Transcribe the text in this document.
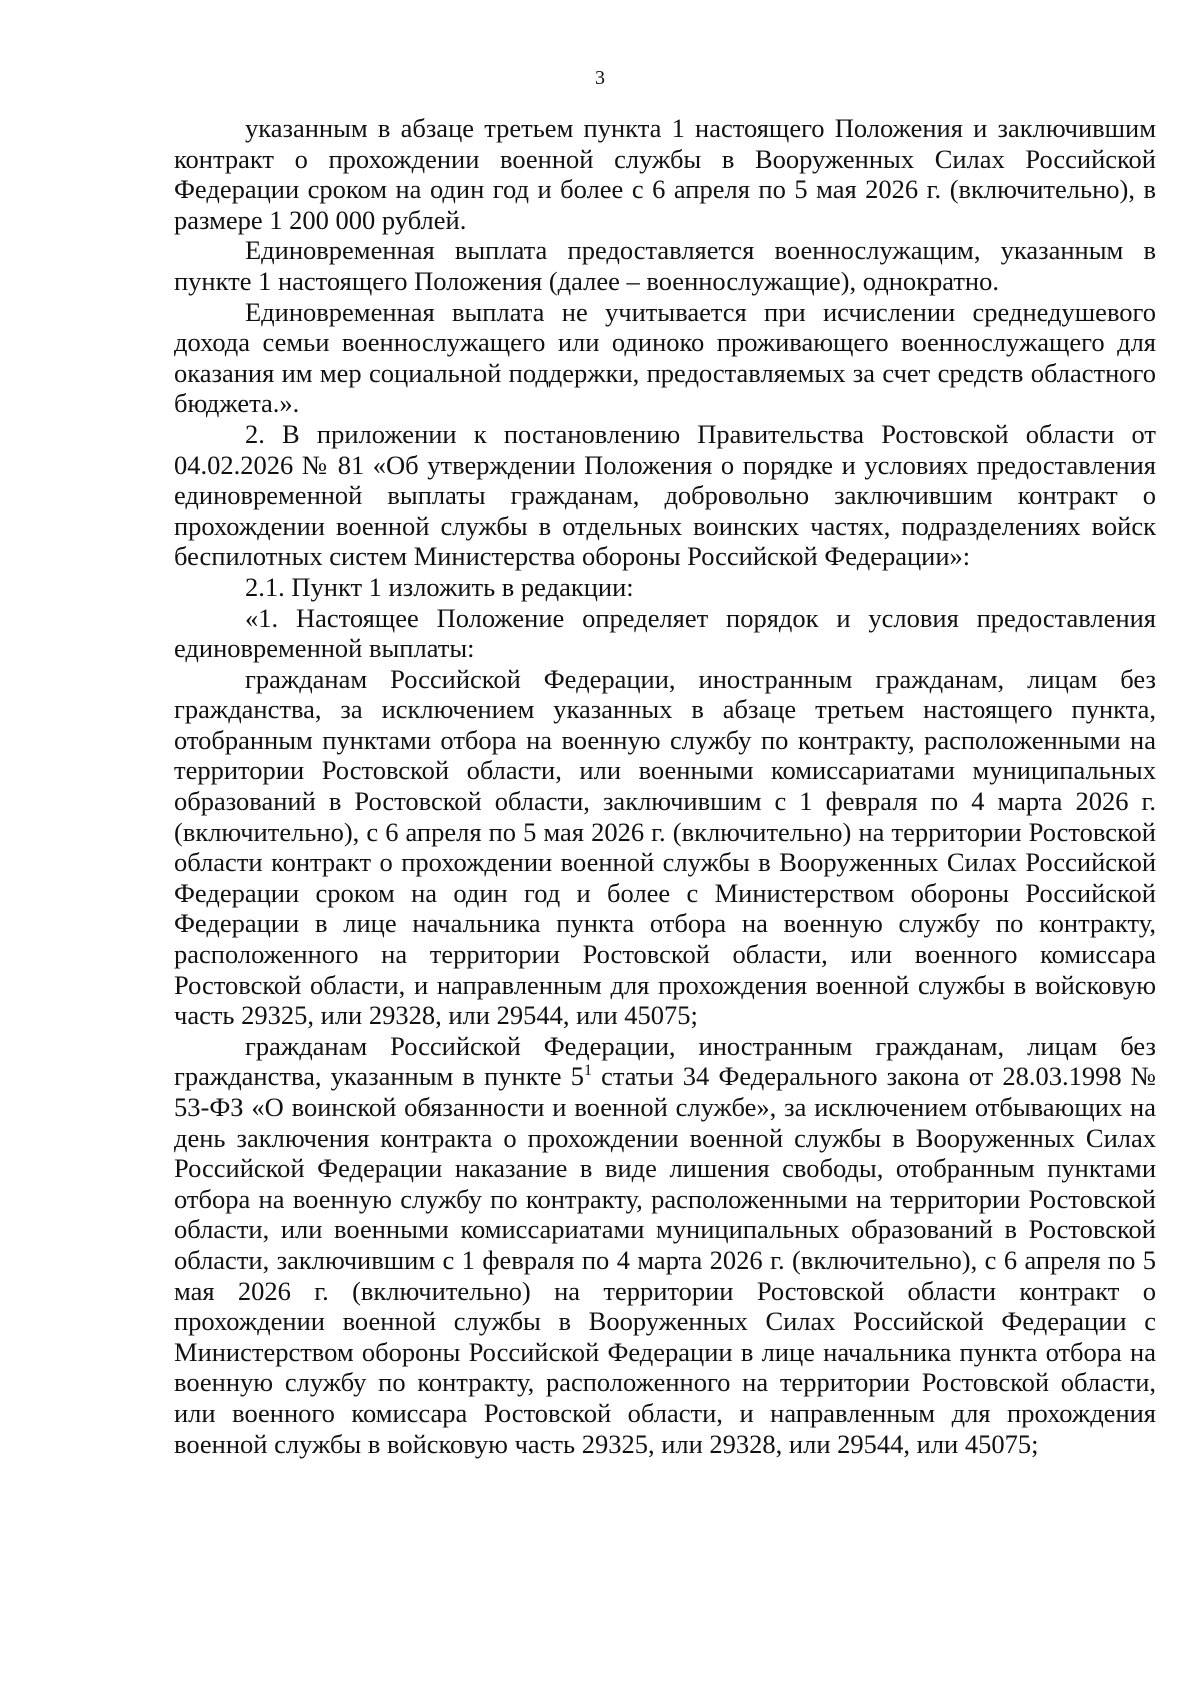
3

указанным в абзаце третьем пункта 1 настоящего Положения и заключившим контракт о прохождении военной службы в Вооруженных Силах Российской Федерации сроком на один год и более с 6 апреля по 5 мая 2026 г. (включительно), в размере 1 200 000 рублей.

Единовременная выплата предоставляется военнослужащим, указанным в пункте 1 настоящего Положения (далее – военнослужащие), однократно.

Единовременная выплата не учитывается при исчислении среднедушевого дохода семьи военнослужащего или одиноко проживающего военнослужащего для оказания им мер социальной поддержки, предоставляемых за счет средств областного бюджета.».

2. В приложении к постановлению Правительства Ростовской области от 04.02.2026 № 81 «Об утверждении Положения о порядке и условиях предоставления единовременной выплаты гражданам, добровольно заключившим контракт о прохождении военной службы в отдельных воинских частях, подразделениях войск беспилотных систем Министерства обороны Российской Федерации»:

2.1. Пункт 1 изложить в редакции:

«1. Настоящее Положение определяет порядок и условия предоставления единовременной выплаты:

гражданам Российской Федерации, иностранным гражданам, лицам без гражданства, за исключением указанных в абзаце третьем настоящего пункта, отобранным пунктами отбора на военную службу по контракту, расположенными на территории Ростовской области, или военными комиссариатами муниципальных образований в Ростовской области, заключившим с 1 февраля по 4 марта 2026 г. (включительно), с 6 апреля по 5 мая 2026 г. (включительно) на территории Ростовской области контракт о прохождении военной службы в Вооруженных Силах Российской Федерации сроком на один год и более с Министерством обороны Российской Федерации в лице начальника пункта отбора на военную службу по контракту, расположенного на территории Ростовской области, или военного комиссара Ростовской области, и направленным для прохождения военной службы в войсковую часть 29325, или 29328, или 29544, или 45075;

гражданам Российской Федерации, иностранным гражданам, лицам без гражданства, указанным в пункте $5^1$ статьи 34 Федерального закона от 28.03.1998 № 53-ФЗ «О воинской обязанности и военной службе», за исключением отбывающих на день заключения контракта о прохождении военной службы в Вооруженных Силах Российской Федерации наказание в виде лишения свободы, отобранным пунктами отбора на военную службу по контракту, расположенными на территории Ростовской области, или военными комиссариатами муниципальных образований в Ростовской области, заключившим с 1 февраля по 4 марта 2026 г. (включительно), с 6 апреля по 5 мая 2026 г. (включительно) на территории Ростовской области контракт о прохождении военной службы в Вооруженных Силах Российской Федерации с Министерством обороны Российской Федерации в лице начальника пункта отбора на военную службу по контракту, расположенного на территории Ростовской области, или военного комиссара Ростовской области, и направленным для прохождения военной службы в войсковую часть 29325, или 29328, или 29544, или 45075;
